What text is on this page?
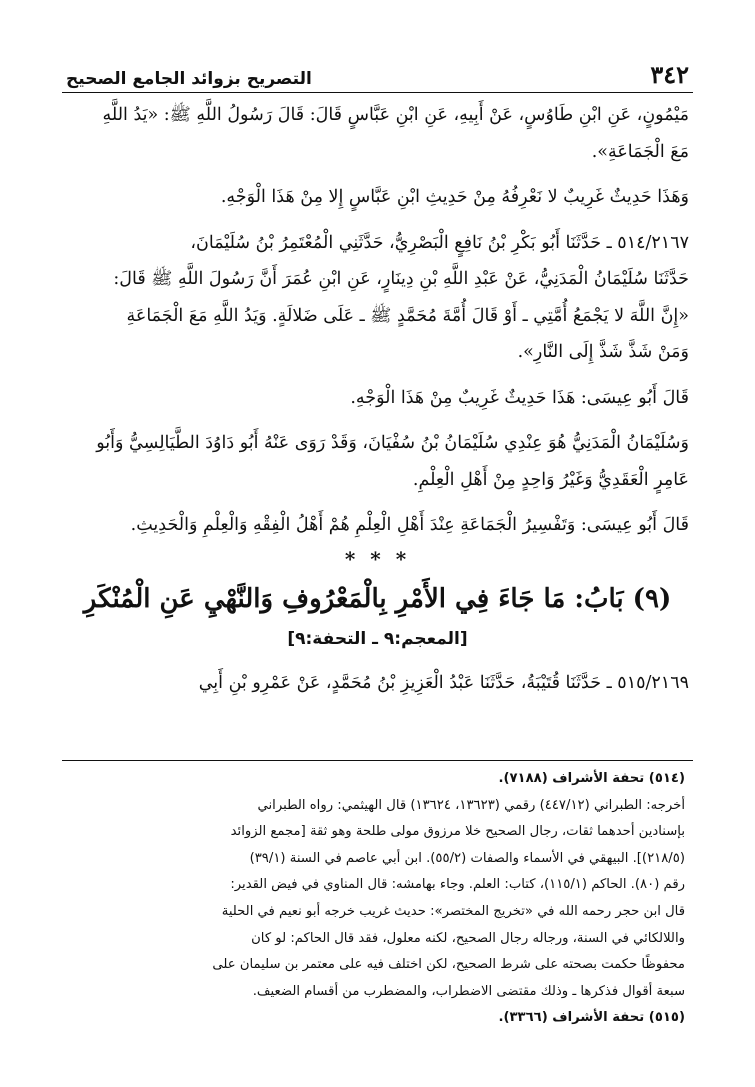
٣٤٢
التصريح بزوائد الجامع الصحيح

مَيْمُونٍ، عَنِ ابْنِ طَاوُسٍ، عَنْ أَبِيهِ، عَنِ ابْنِ عَبَّاسٍ قَالَ: قَالَ رَسُولُ اللَّهِ ﷺ: «يَدُ اللَّهِ

مَعَ الْجَمَاعَةِ».

وَهَذَا حَدِيثٌ غَرِيبٌ لا نَعْرِفُهُ مِنْ حَدِيثِ ابْنِ عَبَّاسٍ إِلا مِنْ هَذَا الْوَجْهِ.

٥١٤/٢١٦٧ ـ حَدَّثَنَا أَبُو بَكْرِ بْنُ نَافِعٍ الْبَصْرِيُّ، حَدَّثَنِي الْمُعْتَمِرُ بْنُ سُلَيْمَانَ،

حَدَّثَنَا سُلَيْمَانُ الْمَدَنِيُّ، عَنْ عَبْدِ اللَّهِ بْنِ دِينَارٍ، عَنِ ابْنِ عُمَرَ أَنَّ رَسُولَ اللَّهِ ﷺ قَالَ:

«إِنَّ اللَّهَ لا يَجْمَعُ أُمَّتِي ـ أَوْ قَالَ أُمَّةَ مُحَمَّدٍ ﷺ ـ عَلَى ضَلالَةٍ. وَيَدُ اللَّهِ مَعَ الْجَمَاعَةِ

وَمَنْ شَذَّ شَذَّ إِلَى النَّارِ».

قَالَ أَبُو عِيسَى: هَذَا حَدِيثٌ غَرِيبٌ مِنْ هَذَا الْوَجْهِ.

وَسُلَيْمَانُ الْمَدَنِيُّ هُوَ عِنْدِي سُلَيْمَانُ بْنُ سُفْيَانَ، وَقَدْ رَوَى عَنْهُ أَبُو دَاوُدَ الطَّيَالِسِيُّ وَأَبُو

عَامِرٍ الْعَقَدِيُّ وَغَيْرُ وَاحِدٍ مِنْ أَهْلِ الْعِلْمِ.

قَالَ أَبُو عِيسَى: وَتَفْسِيرُ الْجَمَاعَةِ عِنْدَ أَهْلِ الْعِلْمِ هُمْ أَهْلُ الْفِقْهِ وَالْعِلْمِ وَالْحَدِيثِ.

* * *
(٩) بَابُ: مَا جَاءَ فِي الأَمْرِ بِالْمَعْرُوفِ وَالنَّهْيِ عَنِ الْمُنْكَرِ
[المعجم:٩ ـ التحفة:٩]

٥١٥/٢١٦٩ ـ حَدَّثَنَا قُتَيْبَةُ، حَدَّثَنَا عَبْدُ الْعَزِيزِ بْنُ مُحَمَّدٍ، عَنْ عَمْرِو بْنِ أَبِي

(٥١٤) تحفة الأشراف (٧١٨٨).

أخرجه: الطبراني (٤٤٧/١٢) رقمي (١٣٦٢٣، ١٣٦٢٤) قال الهيثمي: رواه الطبراني

بإسنادين أحدهما ثقات، رجال الصحيح خلا مرزوق مولى طلحة وهو ثقة [مجمع الزوائد

(٢١٨/٥)]. البيهقي في الأسماء والصفات (٥٥/٢). ابن أبي عاصم في السنة (٣٩/١)

رقم (٨٠). الحاكم (١١٥/١)، كتاب: العلم. وجاء بهامشه: قال المناوي في فيض القدير:

قال ابن حجر رحمه الله في «تخريج المختصر»: حديث غريب خرجه أبو نعيم في الحلية

واللالكائي في السنة، ورجاله رجال الصحيح، لكنه معلول، فقد قال الحاكم: لو كان

محفوظًا حكمت بصحته على شرط الصحيح، لكن اختلف فيه على معتمر بن سليمان على

سبعة أقوال فذكرها ـ وذلك مقتضى الاضطراب، والمضطرب من أقسام الضعيف.

(٥١٥) تحفة الأشراف (٣٣٦٦).
